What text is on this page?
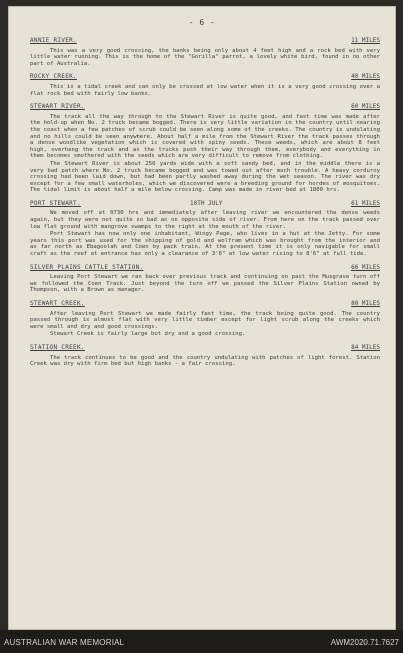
- 6 -
ANNIE RIVER.	11 MILES

This was a very good crossing, the banks being only about 4 feet high and a rock bed with very little water running. This is the home of the "Gorilla" parrot, a lovely white bird, found in no other part of Australia.

ROCKY CREEK.	40 MILES

This is a tidal creek and can only be crossed at low water when it is a very good crossing over a flat rock bed with fairly low banks.

STEWART RIVER.	60 MILES

The track all the way through to the Stewart River is quite good, and fast time was made after the hold-up when No. 2 truck became bogged. There is very little variation in the country until nearing the coast when a few patches of scrub could be seen along some of the creeks. The country is undulating and no hills could be seen anywhere. About half a mile from the Stewart River the track passes through a dense woodlike vegetation which is covered with spiny seeds. These weeds, which are about 8 feet high, overhang the track and as the trucks push their way through them, everybody and everything in them becomes smothered with the seeds which are very difficult to remove from clothing.

The Stewart River is about 250 yards wide with a soft sandy bed, and in the middle there is a very bad patch where No. 2 truck became bogged and was towed out after much trouble. A heavy corduroy crossing had been laid down, but had been partly washed away during the wet season. The river was dry except for a few small waterholes, which we discovered were a breeding ground for hordes of mosquitoes. The tidal limit is about half a mile below crossing. Camp was made in river bed at 1800 hrs.

PORT STEWART.	10TH JULY	61 MILES

We moved off at 0730 hrs and immediately after leaving river we encountered the dense weeds again, but they were not quite so bad as on opposite side of river. From here on the track passed over low flat ground with mangrove swamps to the right at the mouth of the river.

Port Stewart has now only one inhabitant, Wingy Page, who lives in a hut at the Jetty. For some years this port was used for the shipping of gold and wolfram which was brought from the interior and as far north as Ebagoolah and Coen by pack train. At the present time it is only navigable for small craft as the reef at entrance has only a clearance of 3'6" at low water rising to 8'6" at full tide.

SILVER PLAINS CATTLE STATION.	66 MILES

Leaving Port Stewart we ran back over previous track and continuing on past the Musgrave turn off we followed the Coen Track. Just beyond the turn off we passed the Silver Plains Station owned by Thompson, with a Brown as manager.

STEWART CREEK.	80 MILES

After leaving Port Stewart we made fairly fast time, the track being quite good. The country passed through is almost flat with very little timber except for light scrub along the creeks which were small and dry and good crossings.

Stewart Creek is fairly large but dry and a good crossing.

STATION CREEK.	84 MILES

The track continues to be good and the country undulating with patches of light forest. Station Creek was dry with firm bed but high banks - a fair crossing.

AUSTRALIAN WAR MEMORIAL	AWM2020.71.7627
